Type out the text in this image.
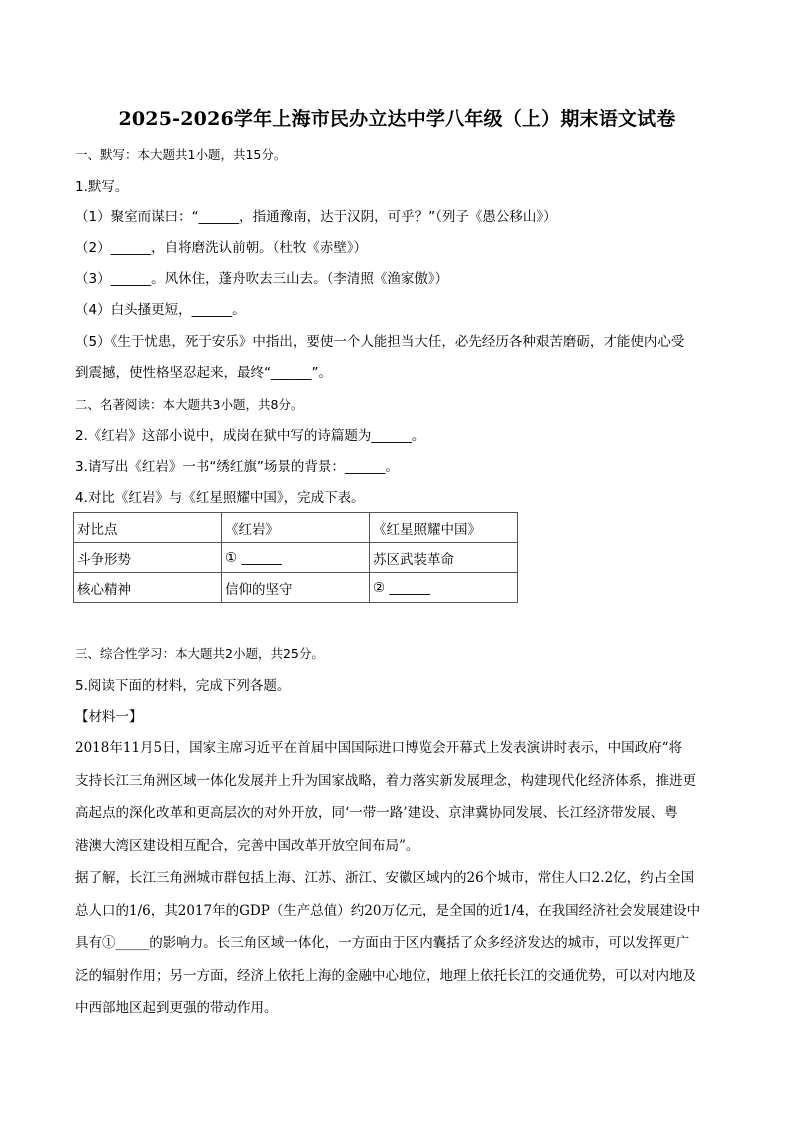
2025-2026学年上海市民办立达中学八年级（上）期末语文试卷
一、默写：本大题共1小题，共15分。
1.默写。
（1）聚室而谋曰：“______，指通豫南，达于汉阴，可乎？”（列子《愚公移山》）
（2）______，自将磨洗认前朝。（杜牧《赤壁》）
（3）______。风休住，蓬舟吹去三山去。（李清照《渔家傲》）
（4）白头搔更短，______。
（5）《生于忧患，死于安乐》中指出，要使一个人能担当大任，必先经历各种艰苦磨砺，才能使内心受
到震撼，使性格坚忍起来，最终“______”。
二、名著阅读：本大题共3小题，共8分。
2.《红岩》这部小说中，成岗在狱中写的诗篇题为______。
3.请写出《红岩》一书“绣红旗”场景的背景：______。
4.对比《红岩》与《红星照耀中国》，完成下表。
对比点	《红岩》	《红星照耀中国》
斗争形势	① ______	苏区武装革命
核心精神	信仰的坚守	② ______
三、综合性学习：本大题共2小题，共25分。
5.阅读下面的材料，完成下列各题。
【材料一】
2018年11月5日，国家主席习近平在首届中国国际进口博览会开幕式上发表演讲时表示，中国政府“将
支持长江三角洲区域一体化发展并上升为国家战略，着力落实新发展理念，构建现代化经济体系，推进更
高起点的深化改革和更高层次的对外开放，同‘一带一路’建设、京津冀协同发展、长江经济带发展、粤
港澳大湾区建设相互配合，完善中国改革开放空间布局”。
据了解，长江三角洲城市群包括上海、江苏、浙江、安徽区域内的26个城市，常住人口2.2亿，约占全国
总人口的1/6，其2017年的GDP（生产总值）约20万亿元，是全国的近1/4，在我国经济社会发展建设中
具有①_____的影响力。长三角区域一体化，一方面由于区内囊括了众多经济发达的城市，可以发挥更广
泛的辐射作用；另一方面，经济上依托上海的金融中心地位，地理上依托长江的交通优势，可以对内地及
中西部地区起到更强的带动作用。
